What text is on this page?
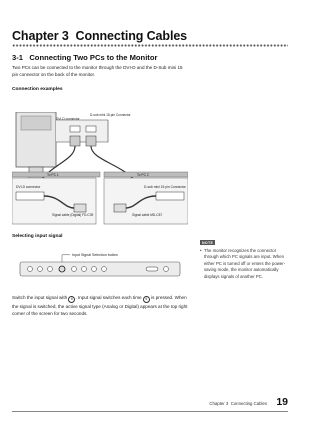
Chapter 3 Connecting Cables
3-1 Connecting Two PCs to the Monitor
Two PCs can be connected to the monitor through the DVI-D and the D-Sub mini 15 pin connector on the back of the monitor.
Connection examples
D-sub mini 15-pin Connector
DVI-D connector
To PC 1	To PC 2
DVI-D connector	D-sub mini 15 pin Connector
Signal cable (Digital) FD-C39	Signal cable MD-C87
Selecting input signal
Input Signal Selection button
Switch the input signal with 6 . Input signal switches each time 6 is pressed. When the signal is switched, the active signal type (Analog or Digital) appears at the top right corner of the screen for two seconds.
NOTE
• The monitor recognizes the connector through which PC signals are input. When either PC is turned off or enters the power-saving mode, the monitor automatically displays signals of another PC.
Chapter 3 Connecting Cables 19
